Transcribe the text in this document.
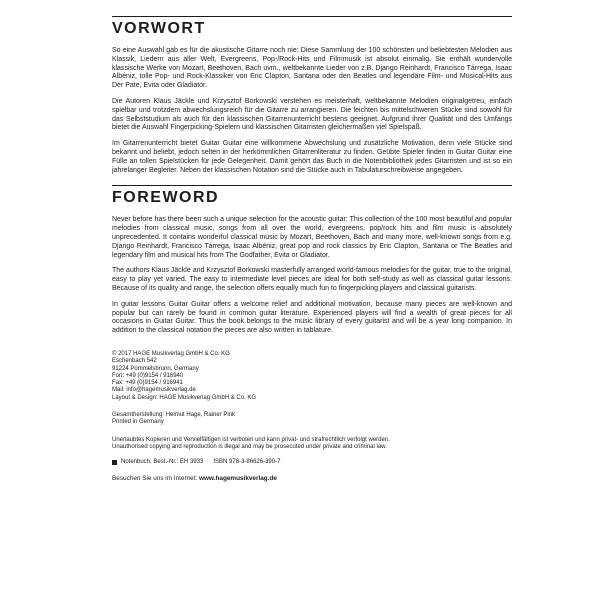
VORWORT

So eine Auswahl gab es für die akustische Gitarre noch nie: Diese Sammlung der 100 schönsten und beliebtesten Melodien aus Klassik, Liedern aus aller Welt, Evergreens, Pop-/Rock-Hits und Filmmusik ist absolut einmalig. Sie enthält wundervolle klassische Werke von Mozart, Beethoven, Bach uvm., weltbekannte Lieder von z.B. Django Reinhardt, Francisco Tárrega, Isaac Albéniz, tolle Pop- und Rock-Klassiker von Eric Clapton, Santana oder den Beatles und legendäre Film- und Musical-Hits aus Der Pate, Evita oder Gladiator.

Die Autoren Klaus Jäckle und Krzysztof Borkowski verstehen es meisterhaft, weltbekannte Melodien originalgetreu, einfach spielbar und trotzdem abwechslungsreich für die Gitarre zu arrangieren. Die leichten bis mittelschweren Stücke sind sowohl für das Selbststudium als auch für den klassischen Gitarrenunterricht bestens geeignet. Aufgrund ihrer Qualität und des Umfangs bietet die Auswahl Fingerpicking-Spielern und klassischen Gitarristen gleichermaßen viel Spielspaß.

Im Gitarrenunterricht bietet Guitar Guitar eine willkommene Abwechslung und zusätzliche Motivation, denn viele Stücke sind bekannt und beliebt, jedoch selten in der herkömmlichen Gitarrenliteratur zu finden. Geübte Spieler finden in Guitar Guitar eine Fülle an tollen Spielstücken für jede Gelegenheit. Damit gehört das Buch in die Notenbibliothek jedes Gitarristen und ist so ein jahrelanger Begleiter. Neben der klassischen Notation sind die Stücke auch in Tabulaturschreibweise angegeben.

FOREWORD

Never before has there been such a unique selection for the acoustic guitar: This collection of the 100 most beautiful and popular melodies from classical music, songs from all over the world, evergreens, pop/rock hits and film music is absolutely unprecedented. It contains wonderful classical music by Mozart, Beethoven, Bach and many more, well-known songs from e.g. Django Reinhardt, Francisco Tárrega, Isaac Albéniz, great pop and rock classics by Eric Clapton, Santana or The Beatles and legendary film and musical hits from The Godfather, Evita or Gladiator.

The authors Klaus Jäckle and Krzysztof Borkowski masterfully arranged world-famous melodies for the guitar, true to the original, easy to play yet varied. The easy to intermediate level pieces are ideal for both self-study as well as classical guitar lessons. Because of its quality and range, the selection offers equally much fun to fingerpicking players and classical guitarists.

In guitar lessons Guitar Guitar offers a welcome relief and additional motivation, because many pieces are well-known and popular but can rarely be found in common guitar literature. Experienced players will find a wealth of great pieces for all occasions in Guitar Guitar. Thus the book belongs to the music library of every guitarist and will be a year long companion. In addition to the classical notation the pieces are also written in tablature.

© 2017 HAGE Musikverlag GmbH & Co. KG
Eschenbach 542
91224 Pommelsbrunn, Germany
Fon: +49 (0)9154 / 916940
Fax: +49 (0)9154 / 916941
Mail: info@hagemusikverlag.de
Layout & Design: HAGE Musikverlag GmbH & Co. KG
Gesamtherstellung: Helmut Hage, Rainer Pink
Printed in Germany
Unerlaubtes Kopieren und Vervielfältigen ist verboten und kann privat- und strafrechtlich verfolgt werden.
Unauthorised copying and reproduction is illegal and may be prosecuted under private and criminal law.
Notenbuch, Best.-Nr.: EH 3933 ISBN 978-3-86626-399-7
Besuchen Sie uns im Internet: www.hagemusikverlag.de
